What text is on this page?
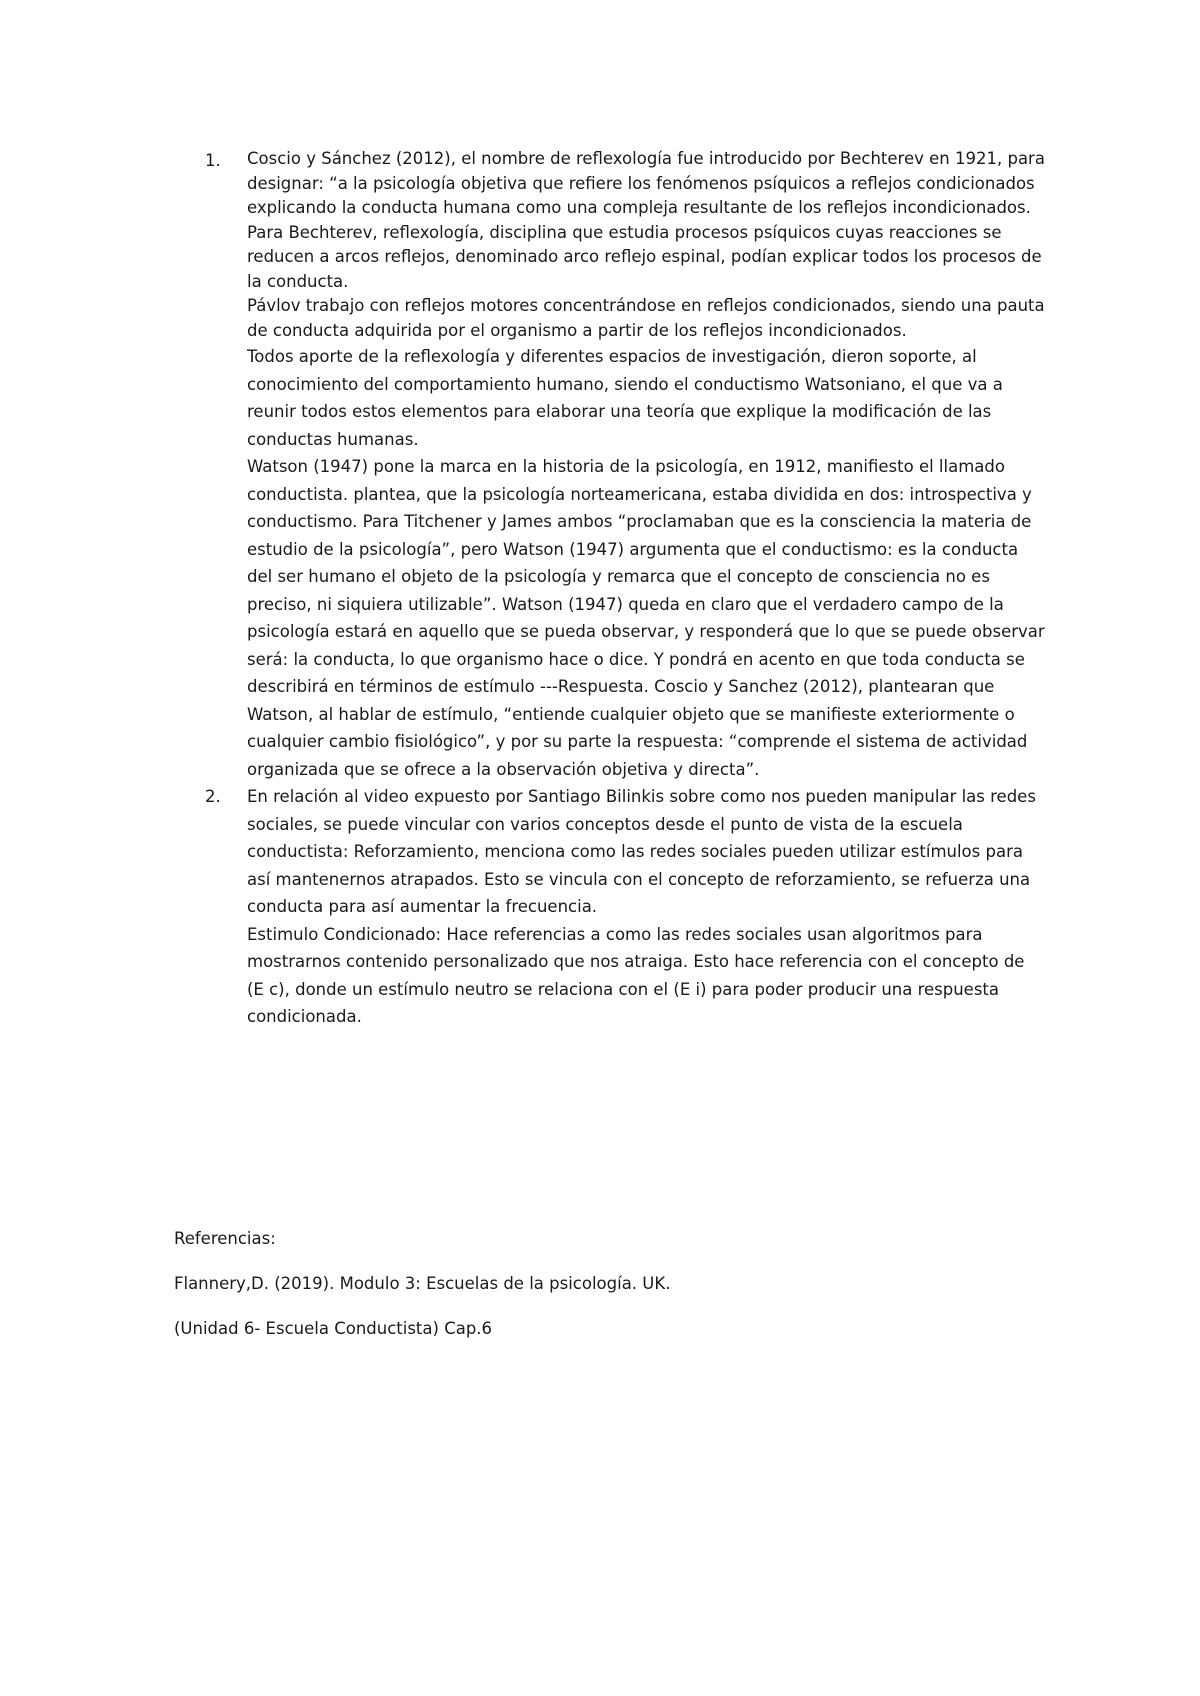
1. Coscio y Sánchez (2012), el nombre de reflexología fue introducido por Bechterev en 1921, para designar: “a la psicología objetiva que refiere los fenómenos psíquicos a reflejos condicionados explicando la conducta humana como una compleja resultante de los reflejos incondicionados.

Para Bechterev, reflexología, disciplina que estudia procesos psíquicos cuyas reacciones se reducen a arcos reflejos, denominado arco reflejo espinal, podían explicar todos los procesos de la conducta.

Pávlov trabajo con reflejos motores concentrándose en reflejos condicionados, siendo una pauta de conducta adquirida por el organismo a partir de los reflejos incondicionados.

Todos aporte de la reflexología y diferentes espacios de investigación, dieron soporte, al conocimiento del comportamiento humano, siendo el conductismo Watsoniano, el que va a reunir todos estos elementos para elaborar una teoría que explique la modificación de las conductas humanas.

Watson (1947) pone la marca en la historia de la psicología, en 1912, manifiesto el llamado conductista. plantea, que la psicología norteamericana, estaba dividida en dos: introspectiva y conductismo. Para Titchener y James ambos “proclamaban que es la consciencia la materia de estudio de la psicología”, pero Watson (1947) argumenta que el conductismo: es la conducta del ser humano el objeto de la psicología y remarca que el concepto de consciencia no es preciso, ni siquiera utilizable”. Watson (1947) queda en claro que el verdadero campo de la psicología estará en aquello que se pueda observar, y responderá que lo que se puede observar será: la conducta, lo que organismo hace o dice. Y pondrá en acento en que toda conducta se describirá en términos de estímulo ---Respuesta. Coscio y Sanchez (2012), plantearan que Watson, al hablar de estímulo, “entiende cualquier objeto que se manifieste exteriormente o cualquier cambio fisiológico”, y por su parte la respuesta: “comprende el sistema de actividad organizada que se ofrece a la observación objetiva y directa”.

2. En relación al video expuesto por Santiago Bilinkis sobre como nos pueden manipular las redes sociales, se puede vincular con varios conceptos desde el punto de vista de la escuela conductista: Reforzamiento, menciona como las redes sociales pueden utilizar estímulos para así mantenernos atrapados. Esto se vincula con el concepto de reforzamiento, se refuerza una conducta para así aumentar la frecuencia.

Estimulo Condicionado: Hace referencias a como las redes sociales usan algoritmos para mostrarnos contenido personalizado que nos atraiga. Esto hace referencia con el concepto de (E c), donde un estímulo neutro se relaciona con el (E i) para poder producir una respuesta condicionada.

Referencias:

Flannery,D. (2019). Modulo 3: Escuelas de la psicología. UK.

(Unidad 6- Escuela Conductista) Cap.6
